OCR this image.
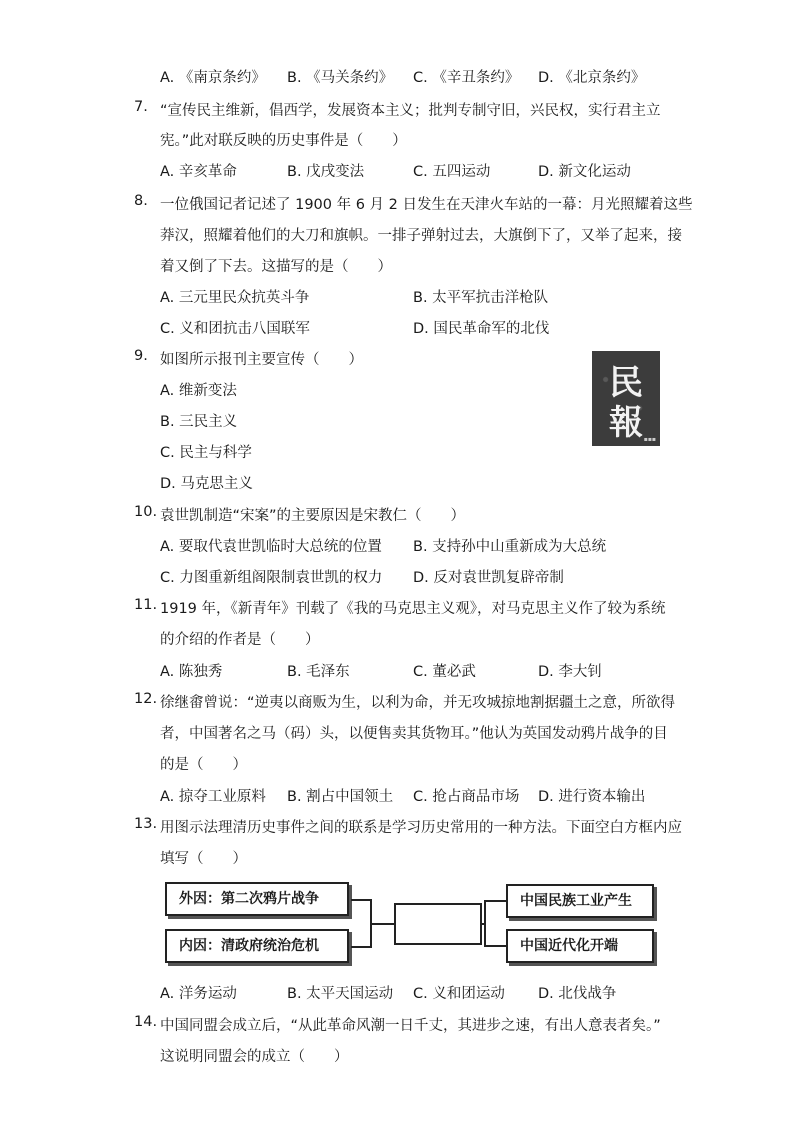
A. 《南京条约》 B. 《马关条约》 C. 《辛丑条约》 D. 《北京条约》
7. “宣传民主维新，倡西学，发展资本主义；批判专制守旧，兴民权，实行君主立
宪。”此对联反映的历史事件是（　　）
A. 辛亥革命	B. 戊戌变法	C. 五四运动	D. 新文化运动
8. 一位俄国记者记述了 1900 年 6 月 2 日发生在天津火车站的一幕：月光照耀着这些
莽汉，照耀着他们的大刀和旗帜。一排子弹射过去，大旗倒下了，又举了起来，接
着又倒了下去。这描写的是（　　）
A. 三元里民众抗英斗争	B. 太平军抗击洋枪队
C. 义和团抗击八国联军	D. 国民革命军的北伐
9. 如图所示报刊主要宣传（　　）
A. 维新变法
B. 三民主义
C. 民主与科学
D. 马克思主义
民
報 ▪▪▪
10. 袁世凯制造“宋案”的主要原因是宋教仁（　　）
A. 要取代袁世凯临时大总统的位置 B. 支持孙中山重新成为大总统
C. 力图重新组阁限制袁世凯的权力 D. 反对袁世凯复辟帝制
11. 1919 年，《新青年》刊载了《我的马克思主义观》，对马克思主义作了较为系统
的介绍的作者是（　　）
A. 陈独秀	B. 毛泽东	C. 董必武	D. 李大钊
12. 徐继畬曾说：“逆夷以商贩为生，以利为命，并无攻城掠地割据疆土之意，所欲得
者，中国著名之马（码）头，以便售卖其货物耳。”他认为英国发动鸦片战争的目
的是（　　）
A. 掠夺工业原料 B. 割占中国领土 C. 抢占商品市场 D. 进行资本输出
13. 用图示法理清历史事件之间的联系是学习历史常用的一种方法。下面空白方框内应
填写（　　）
外因：第二次鸦片战争
内因：清政府统治危机
中国民族工业产生
中国近代化开端
A. 洋务运动	B. 太平天国运动 C. 义和团运动 D. 北伐战争
14. 中国同盟会成立后，“从此革命风潮一日千丈，其进步之速，有出人意表者矣。”
这说明同盟会的成立（　　）
